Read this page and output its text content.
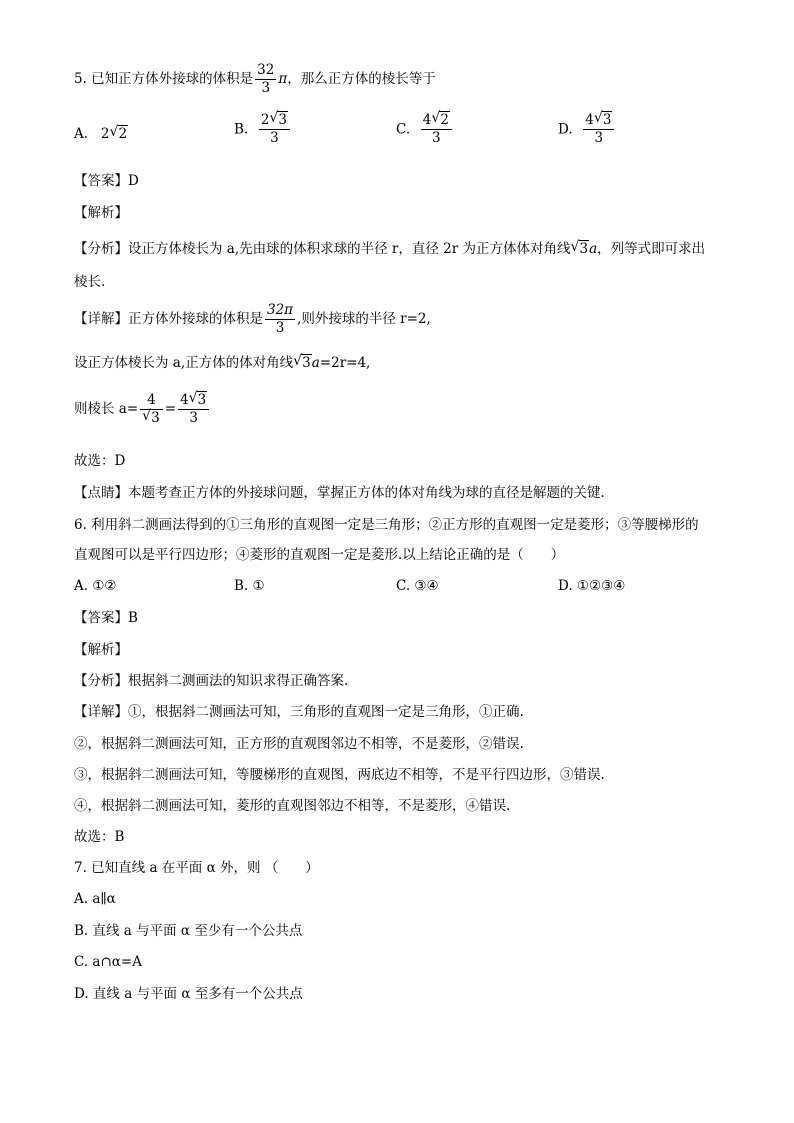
5. 已知正方体外接球的体积是 $\frac{32}{3}$ π，那么正方体的棱长等于
A. 2 √ 2	B. $\frac{2 √ 3}{3}$	C. $\frac{4 √ 2}{3}$	D. $\frac{4 √ 3}{3}$
【答案】D
【解析】
【分析】设正方体棱长为 a,先由球的体积求球的半径 r，直径 2r 为正方体体对角线 √ 3a，列等式即可求出
棱长.
【详解】正方体外接球的体积是 $\frac{32\pi}{3}$ ,则外接球的半径 r=2,
设正方体棱长为 a,正方体的体对角线 √ 3a=2r=4,
则棱长 $a= \frac{4}{√ 3} = \frac{4 √ 3}{3}$
故选：D
【点睛】本题考查正方体的外接球问题，掌握正方体的体对角线为球的直径是解题的关键.
6. 利用斜二测画法得到的①三角形的直观图一定是三角形；②正方形的直观图一定是菱形；③等腰梯形的
直观图可以是平行四边形；④菱形的直观图一定是菱形.以上结论正确的是（　　）
A. ①②	B. ①	C. ③④	D. ①②③④
【答案】B
【解析】
【分析】根据斜二测画法的知识求得正确答案.
【详解】①，根据斜二测画法可知，三角形的直观图一定是三角形，①正确.
②，根据斜二测画法可知，正方形的直观图邻边不相等，不是菱形，②错误.
③，根据斜二测画法可知，等腰梯形的直观图，两底边不相等，不是平行四边形，③错误.
④，根据斜二测画法可知，菱形的直观图邻边不相等，不是菱形，④错误.
故选：B
7. 已知直线 a 在平面 α 外，则 （　　）
A. a∥α
B. 直线 a 与平面 α 至少有一个公共点
C. a∩α=A
D. 直线 a 与平面 α 至多有一个公共点
